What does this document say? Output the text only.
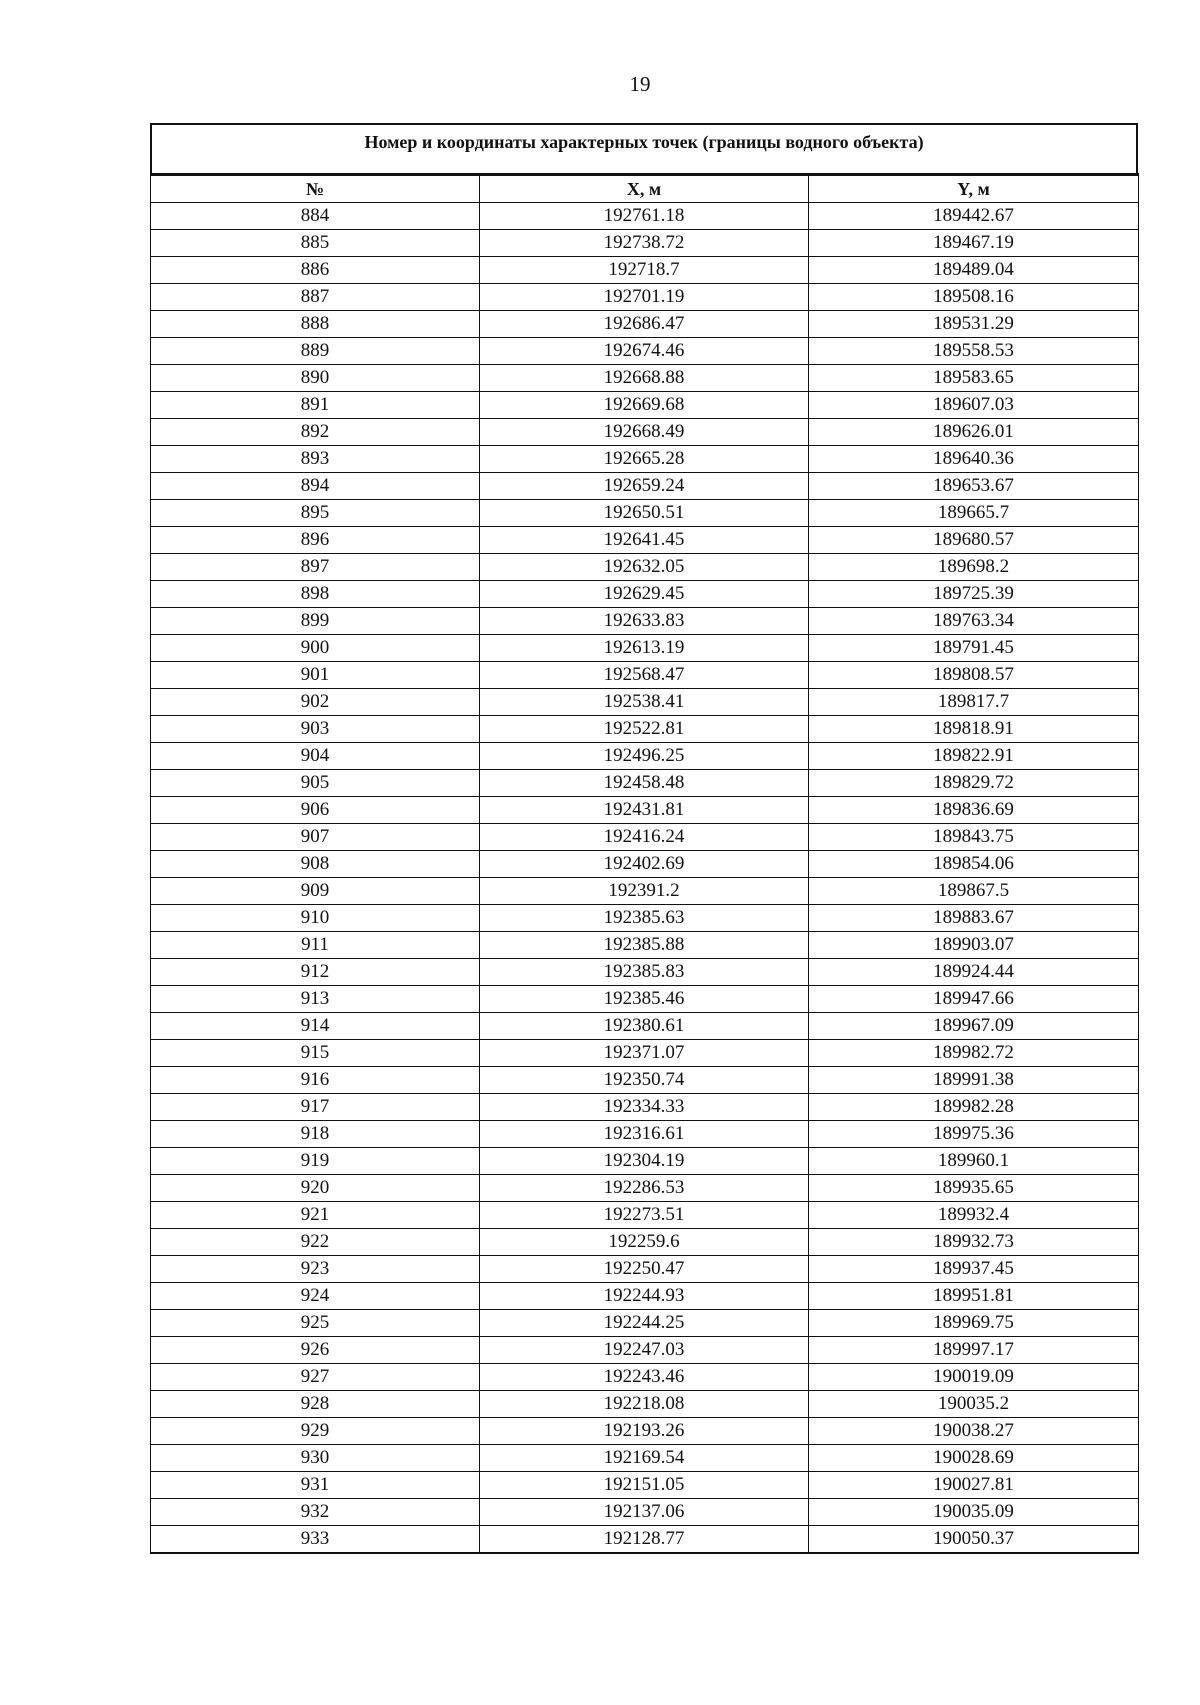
19
Номер и координаты характерных точек (границы водного объекта)
№	X, м	Y, м
884	192761.18	189442.67
885	192738.72	189467.19
886	192718.7	189489.04
887	192701.19	189508.16
888	192686.47	189531.29
889	192674.46	189558.53
890	192668.88	189583.65
891	192669.68	189607.03
892	192668.49	189626.01
893	192665.28	189640.36
894	192659.24	189653.67
895	192650.51	189665.7
896	192641.45	189680.57
897	192632.05	189698.2
898	192629.45	189725.39
899	192633.83	189763.34
900	192613.19	189791.45
901	192568.47	189808.57
902	192538.41	189817.7
903	192522.81	189818.91
904	192496.25	189822.91
905	192458.48	189829.72
906	192431.81	189836.69
907	192416.24	189843.75
908	192402.69	189854.06
909	192391.2	189867.5
910	192385.63	189883.67
911	192385.88	189903.07
912	192385.83	189924.44
913	192385.46	189947.66
914	192380.61	189967.09
915	192371.07	189982.72
916	192350.74	189991.38
917	192334.33	189982.28
918	192316.61	189975.36
919	192304.19	189960.1
920	192286.53	189935.65
921	192273.51	189932.4
922	192259.6	189932.73
923	192250.47	189937.45
924	192244.93	189951.81
925	192244.25	189969.75
926	192247.03	189997.17
927	192243.46	190019.09
928	192218.08	190035.2
929	192193.26	190038.27
930	192169.54	190028.69
931	192151.05	190027.81
932	192137.06	190035.09
933	192128.77	190050.37
